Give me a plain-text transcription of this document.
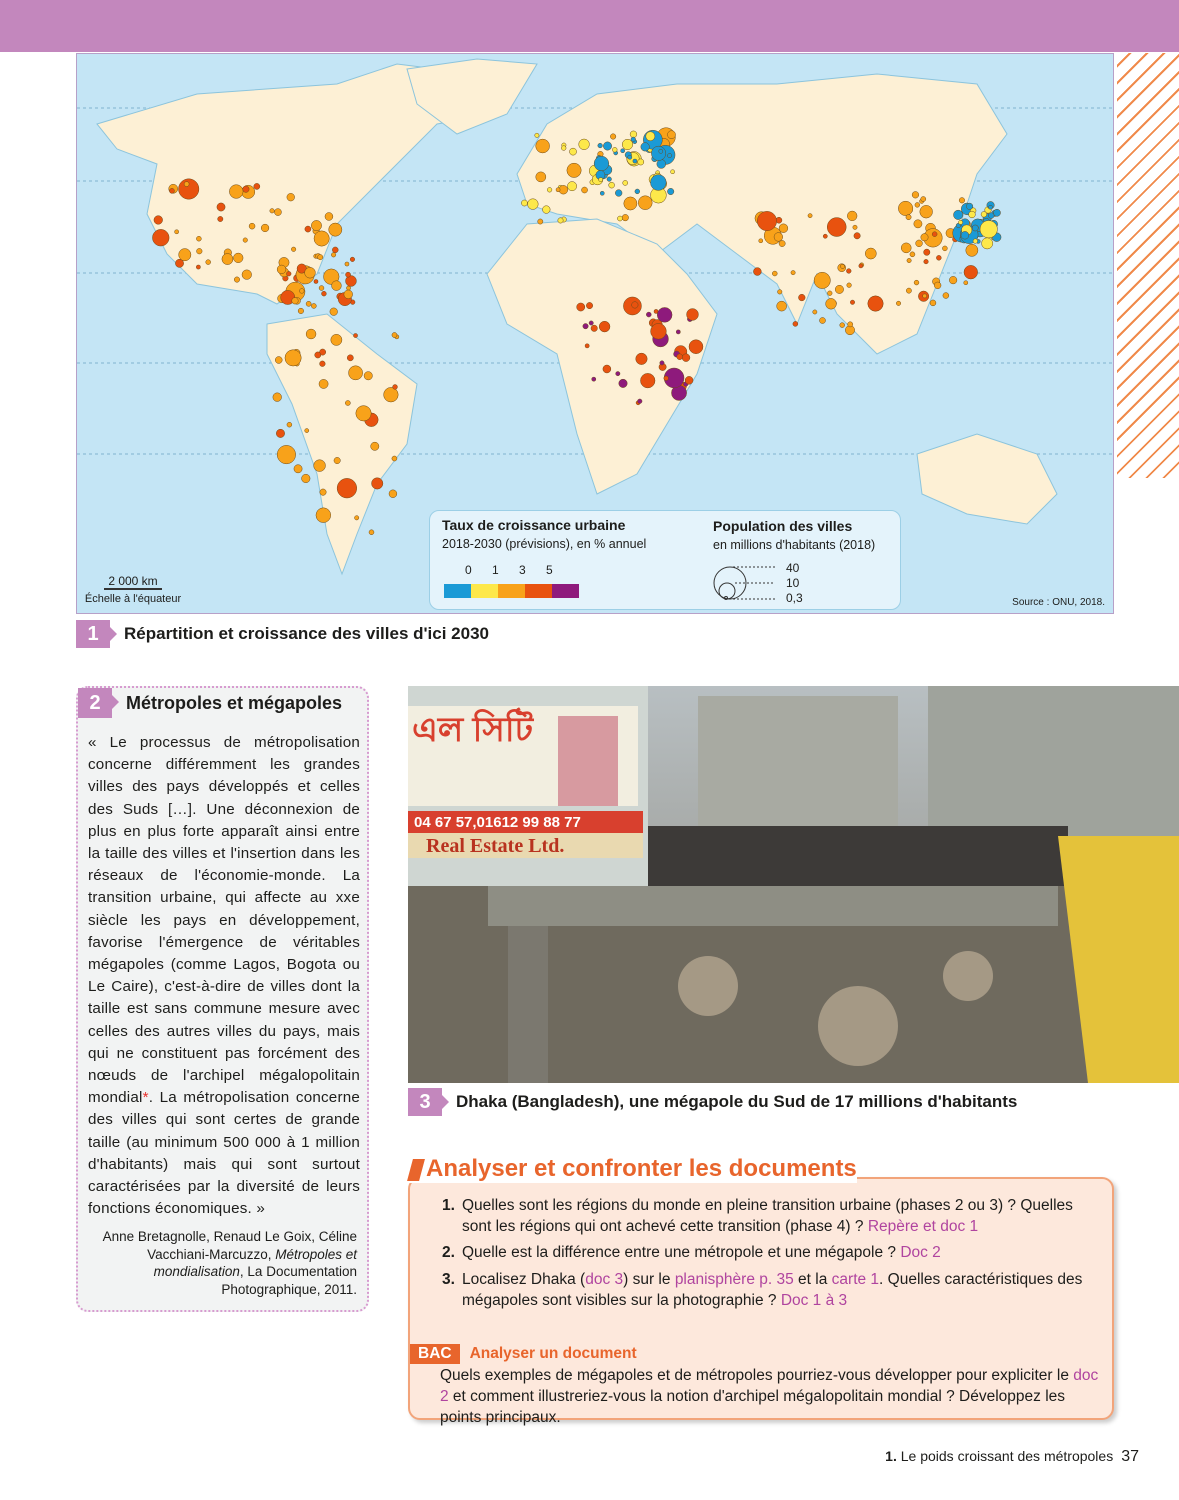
Taux de croissance urbaine
2018-2030 (prévisions), en % annuel
0	1	3	5
Population des villes
en millions d'habitants (2018)
40
10
0,3
2 000 km
Échelle à l'équateur	Source : ONU, 2018.
1	Répartition et croissance des villes d'ici 2030
2	Métropoles et mégapoles
« Le processus de métropolisation concerne différemment les grandes villes des pays développés et celles des Suds […]. Une déconnexion de plus en plus forte apparaît ainsi entre la taille des villes et l'insertion dans les réseaux de l'économie-monde. La transition urbaine, qui affecte au xxe siècle les pays en développement, favorise l'émergence de véritables mégapoles (comme Lagos, Bogota ou Le Caire), c'est-à-dire de villes dont la taille est sans commune mesure avec celles des autres villes du pays, mais qui ne constituent pas forcément des nœuds de l'archipel mégalopolitain mondial*. La métropolisation concerne des villes qui sont certes de grande taille (au minimum 500 000 à 1 million d'habitants) mais qui sont surtout caractérisées par la diversité de leurs fonctions économiques. »
Anne Bretagnolle, Renaud Le Goix, Céline Vacchiani-Marcuzzo, Métropoles et mondialisation, La Documentation Photographique, 2011.
এল সিটি
04 67 57,01612 99 88 77
Real Estate Ltd.
3	Dhaka (Bangladesh), une mégapole du Sud de 17 millions d'habitants
1. Quelles sont les régions du monde en pleine transition urbaine (phases 2 ou 3) ? Quelles sont les régions qui ont achevé cette transition (phase 4) ? Repère et doc 1
2. Quelle est la différence entre une métropole et une mégapole ? Doc 2
3. Localisez Dhaka (doc 3) sur le planisphère p. 35 et la carte 1. Quelles caractéristiques des mégapoles sont visibles sur la photographie ? Doc 1 à 3
BAC	Analyser un document
Quels exemples de mégapoles et de métropoles pourriez-vous développer pour expliciter le doc 2 et comment illustreriez-vous la notion d'archipel mégalopolitain mondial ? Développez les points principaux.
Analyser et confronter les documents
1. Le poids croissant des métropoles 37
